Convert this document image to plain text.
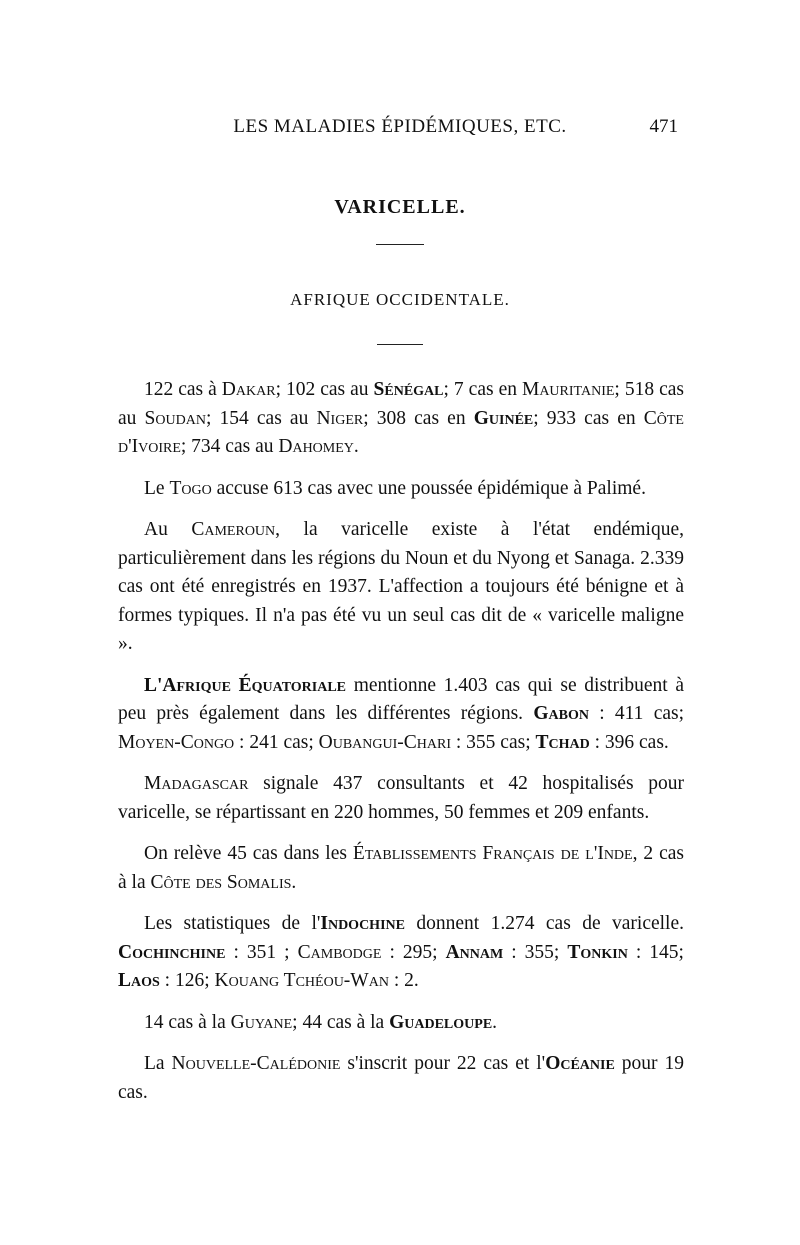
LES MALADIES ÉPIDÉMIQUES, ETC.	471
VARICELLE.
AFRIQUE OCCIDENTALE.

122 cas à Dakar; 102 cas au Sénégal; 7 cas en Mauritanie; 518 cas au Soudan; 154 cas au Niger; 308 cas en Guinée; 933 cas en Côte d'Ivoire; 734 cas au Dahomey.

Le Togo accuse 613 cas avec une poussée épidémique à Palimé.

Au Cameroun, la varicelle existe à l'état endémique, particulièrement dans les régions du Noun et du Nyong et Sanaga. 2.339 cas ont été enregistrés en 1937. L'affection a toujours été bénigne et à formes typiques. Il n'a pas été vu un seul cas dit de « varicelle maligne ».

L'Afrique Équatoriale mentionne 1.403 cas qui se distribuent à peu près également dans les différentes régions. Gabon : 411 cas; Moyen-Congo : 241 cas; Oubangui-Chari : 355 cas; Tchad : 396 cas.

Madagascar signale 437 consultants et 42 hospitalisés pour varicelle, se répartissant en 220 hommes, 50 femmes et 209 enfants.

On relève 45 cas dans les Établissements Français de l'Inde, 2 cas à la Côte des Somalis.

Les statistiques de l'Indochine donnent 1.274 cas de varicelle. Cochinchine : 351 ; Cambodge : 295; Annam : 355; Tonkin : 145; Laos : 126; Kouang Tchéou-Wan : 2.

14 cas à la Guyane; 44 cas à la Guadeloupe.

La Nouvelle-Calédonie s'inscrit pour 22 cas et l'Océanie pour 19 cas.
